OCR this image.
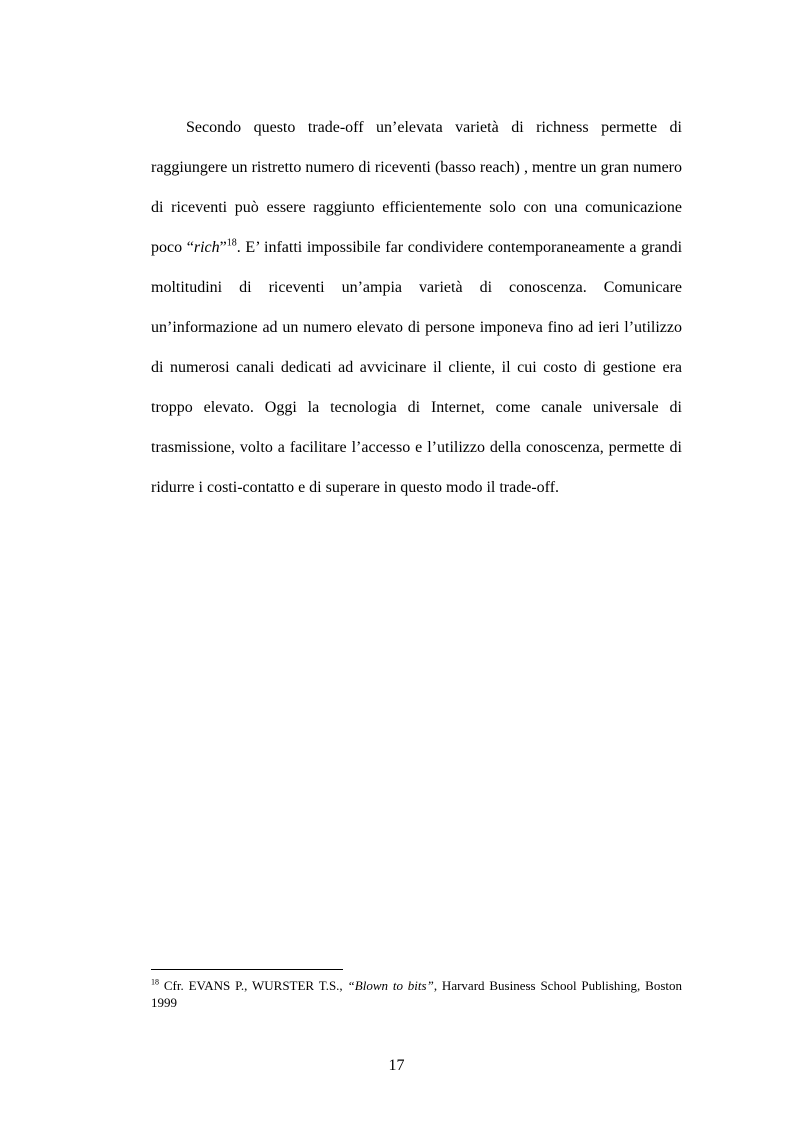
Secondo questo trade-off un’elevata varietà di richness permette di raggiungere un ristretto numero di riceventi (basso reach) , mentre un gran numero di riceventi può essere raggiunto efficientemente solo con una comunicazione poco “rich”$^{18}$. E’ infatti impossibile far condividere contemporaneamente a grandi moltitudini di riceventi un’ampia varietà di conoscenza. Comunicare un’informazione ad un numero elevato di persone imponeva fino ad ieri l’utilizzo di numerosi canali dedicati ad avvicinare il cliente, il cui costo di gestione era troppo elevato. Oggi la tecnologia di Internet, come canale universale di trasmissione, volto a facilitare l’accesso e l’utilizzo della conoscenza, permette di ridurre i costi-contatto e di superare in questo modo il trade-off.

$^{18}$ Cfr. EVANS P., WURSTER T.S., “Blown to bits”, Harvard Business School Publishing, Boston 1999

17
